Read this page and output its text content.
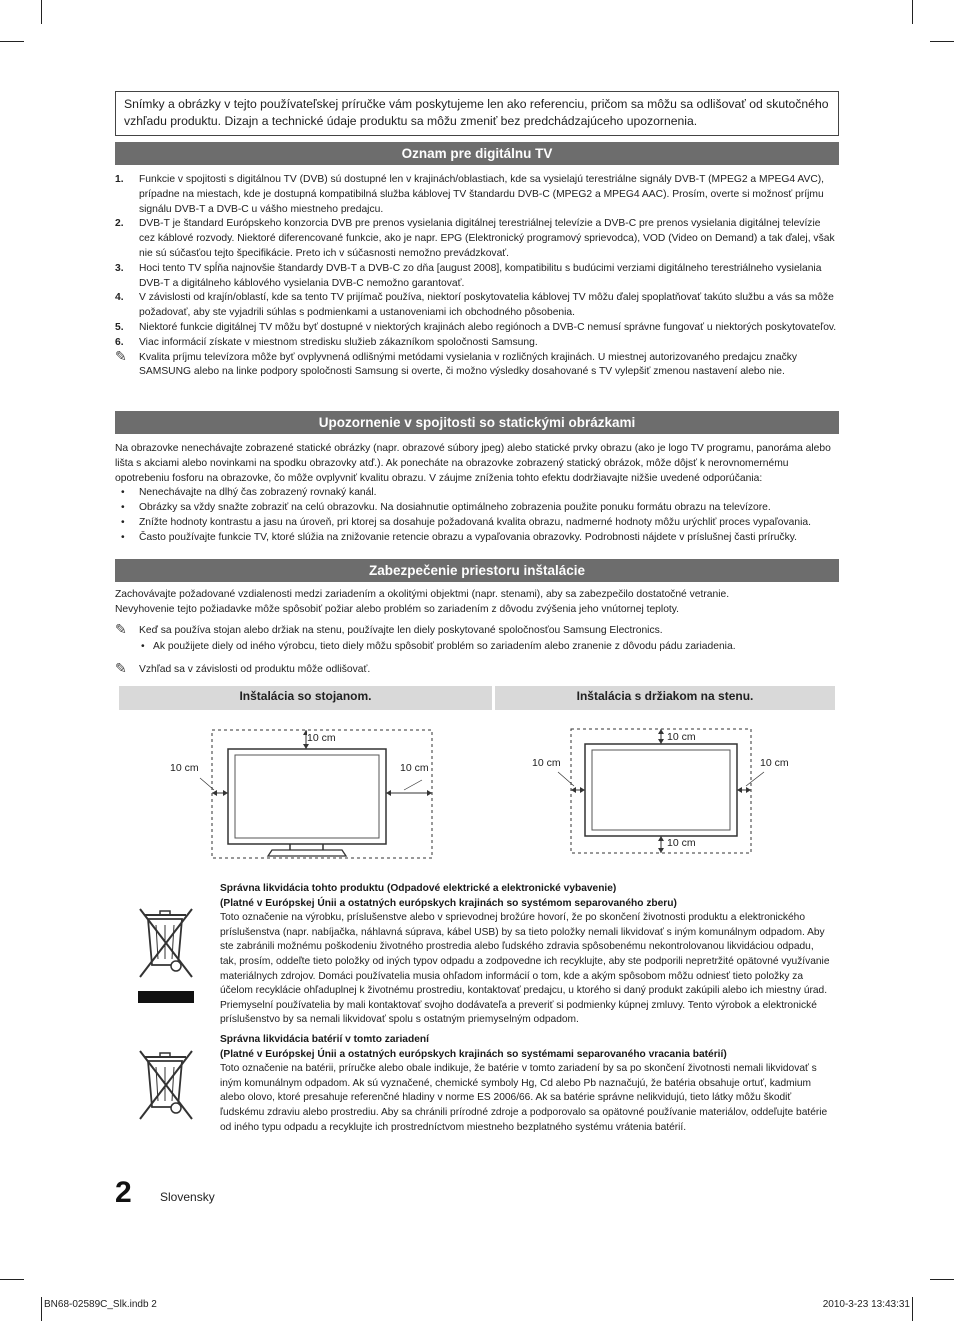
Snímky a obrázky v tejto používateľskej príručke vám poskytujeme len ako referenciu, pričom sa môžu sa odlišovať od skutočného vzhľadu produktu. Dizajn a technické údaje produktu sa môžu zmeniť bez predchádzajúceho upozornenia.
Oznam pre digitálnu TV
1. Funkcie v spojitosti s digitálnou TV (DVB) sú dostupné len v krajinách/oblastiach, kde sa vysielajú terestriálne signály DVB-T (MPEG2 a MPEG4 AVC), prípadne na miestach, kde je dostupná kompatibilná služba káblovej TV štandardu DVB-C (MPEG2 a MPEG4 AAC). Prosím, overte si možnosť príjmu signálu DVB-T a DVB-C u vášho miestneho predajcu.
2. DVB-T je štandard Európskeho konzorcia DVB pre prenos vysielania digitálnej terestriálnej televízie a DVB-C pre prenos vysielania digitálnej televízie cez káblové rozvody. Niektoré diferencované funkcie, ako je napr. EPG (Elektronický programový sprievodca), VOD (Video on Demand) a tak ďalej, však nie sú súčasťou tejto špecifikácie. Preto ich v súčasnosti nemožno prevádzkovať.
3. Hoci tento TV spĺňa najnovšie štandardy DVB-T a DVB-C zo dňa [august 2008], kompatibilitu s budúcimi verziami digitálneho terestriálneho vysielania DVB-T a digitálneho káblového vysielania DVB-C nemožno garantovať.
4. V závislosti od krajín/oblastí, kde sa tento TV prijímač používa, niektorí poskytovatelia káblovej TV môžu ďalej spoplatňovať takúto službu a vás sa môže požadovať, aby ste vyjadrili súhlas s podmienkami a ustanoveniami ich obchodného pôsobenia.
5. Niektoré funkcie digitálnej TV môžu byť dostupné v niektorých krajinách alebo regiónoch a DVB-C nemusí správne fungovať u niektorých poskytovateľov.
6. Viac informácií získate v miestnom stredisku služieb zákazníkom spoločnosti Samsung.
✎ Kvalita príjmu televízora môže byť ovplyvnená odlišnými metódami vysielania v rozličných krajinách. U miestnej autorizovaného predajcu značky SAMSUNG alebo na linke podpory spoločnosti Samsung si overte, či možno výsledky dosahované s TV vylepšiť zmenou nastavení alebo nie.
Upozornenie v spojitosti so statickými obrázkami
Na obrazovke nenechávajte zobrazené statické obrázky (napr. obrazové súbory jpeg) alebo statické prvky obrazu (ako je logo TV programu, panoráma alebo lišta s akciami alebo novinkami na spodku obrazovky atď.). Ak ponecháte na obrazovke zobrazený statický obrázok, môže dôjsť k nerovnomernému opotrebeniu fosforu na obrazovke, čo môže ovplyvniť kvalitu obrazu. V záujme zníženia tohto efektu dodržiavajte nižšie uvedené odporúčania:
• Nenechávajte na dlhý čas zobrazený rovnaký kanál.
• Obrázky sa vždy snažte zobraziť na celú obrazovku. Na dosiahnutie optimálneho zobrazenia použite ponuku formátu obrazu na televízore.
• Znížte hodnoty kontrastu a jasu na úroveň, pri ktorej sa dosahuje požadovaná kvalita obrazu, nadmerné hodnoty môžu urýchliť proces vypaľovania.
• Často používajte funkcie TV, ktoré slúžia na znižovanie retencie obrazu a vypaľovania obrazovky. Podrobnosti nájdete v príslušnej časti príručky.
Zabezpečenie priestoru inštalácie
Zachovávajte požadované vzdialenosti medzi zariadením a okolitými objektmi (napr. stenami), aby sa zabezpečilo dostatočné vetranie.
Nevyhovenie tejto požiadavke môže spôsobiť požiar alebo problém so zariadením z dôvodu zvýšenia jeho vnútornej teploty.
✎ Keď sa používa stojan alebo držiak na stenu, používajte len diely poskytované spoločnosťou Samsung Electronics.
• Ak použijete diely od iného výrobcu, tieto diely môžu spôsobiť problém so zariadením alebo zranenie z dôvodu pádu zariadenia.
✎ Vzhľad sa v závislosti od produktu môže odlišovať.
Inštalácia so stojanom.	Inštalácia s držiakom na stenu.
10 cm
10 cm	10 cm
10 cm
10 cm	10 cm
10 cm
Správna likvidácia tohto produktu (Odpadové elektrické a elektronické vybavenie)
(Platné v Európskej Únii a ostatných európskych krajinách so systémom separovaného zberu)
Toto označenie na výrobku, príslušenstve alebo v sprievodnej brožúre hovorí, že po skončení životnosti produktu a elektronického príslušenstva (napr. nabíjačka, náhlavná súprava, kábel USB) by sa tieto položky nemali likvidovať s iným komunálnym odpadom. Aby ste zabránili možnému poškodeniu životného prostredia alebo ľudského zdravia spôsobenému nekontrolovanou likvidáciou odpadu, tak, prosím, oddeľte tieto položky od iných typov odpadu a zodpovedne ich recyklujte, aby ste podporili nepretržité opätovné využívanie materiálnych zdrojov. Domáci používatelia musia ohľadom informácií o tom, kde a akým spôsobom môžu odniesť tieto položky za účelom recyklácie ohľaduplnej k životnému prostrediu, kontaktovať predajcu, u ktorého si daný produkt zakúpili alebo ich miestny úrad. Priemyselní používatelia by mali kontaktovať svojho dodávateľa a preveriť si podmienky kúpnej zmluvy. Tento výrobok a elektronické príslušenstvo by sa nemali likvidovať spolu s ostatným priemyselným odpadom.
Správna likvidácia batérií v tomto zariadení
(Platné v Európskej Únii a ostatných európskych krajinách so systémami separovaného vracania batérií)
Toto označenie na batérii, príručke alebo obale indikuje, že batérie v tomto zariadení by sa po skončení životnosti nemali likvidovať s iným komunálnym odpadom. Ak sú vyznačené, chemické symboly Hg, Cd alebo Pb naznačujú, že batéria obsahuje ortuť, kadmium alebo olovo, ktoré presahuje referenčné hladiny v norme ES 2006/66. Ak sa batérie správne nelikvidujú, tieto látky môžu škodiť ľudskému zdraviu alebo prostrediu. Aby sa chránili prírodné zdroje a podporovalo sa opätovné používanie materiálov, oddeľujte batérie od iného typu odpadu a recyklujte ich prostredníctvom miestneho bezplatného systému vrátenia batérií.
2 Slovensky
BN68-02589C_Slk.indb 2	2010-3-23 13:43:31
